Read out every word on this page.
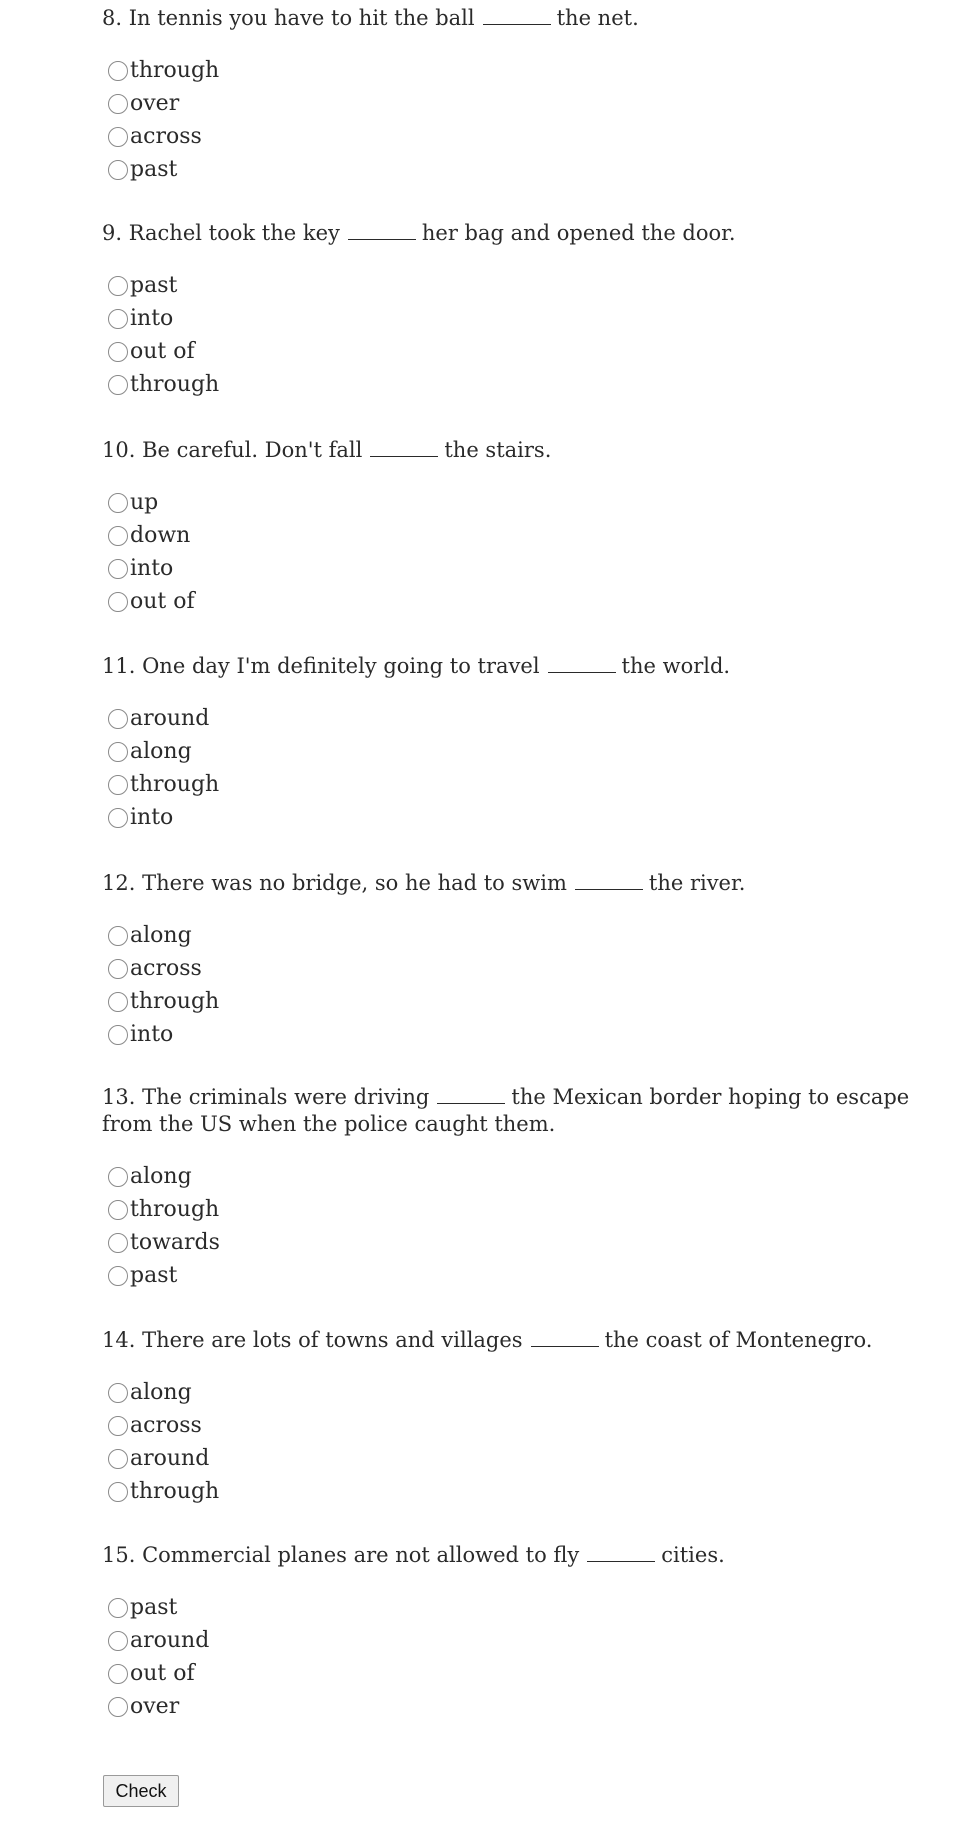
8. In tennis you have to hit the ball	the net.

through
over
across
past

9. Rachel took the key	her bag and opened the door.

past
into
out of
through

10. Be careful. Don't fall	the stairs.

up
down
into
out of

11. One day I'm definitely going to travel	the world.

around
along
through
into

12. There was no bridge, so he had to swim	the river.

along
across
through
into

13. The criminals were driving	the Mexican border hoping to escape from the US when the police caught them.

along
through
towards
past

14. There are lots of towns and villages	the coast of Montenegro.

along
across
around
through

15. Commercial planes are not allowed to fly	cities.

past
around
out of
over
Check
